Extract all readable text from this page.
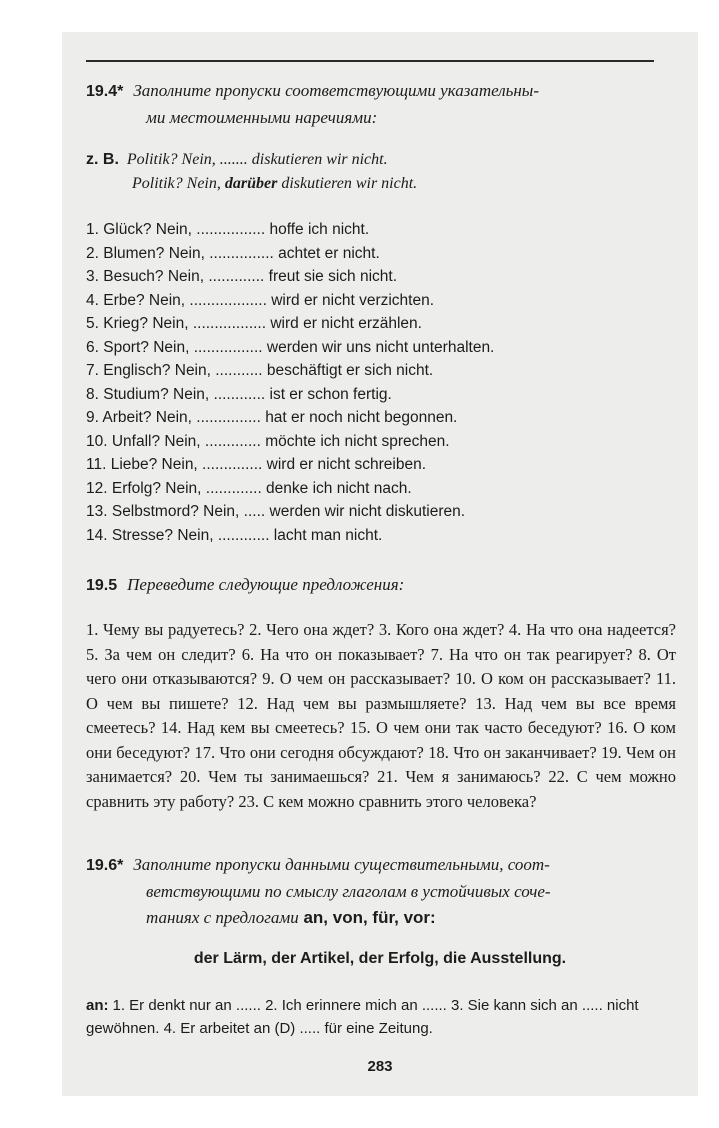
19.4* Заполните пропуски соответствующими указательны-
ми местоименными наречиями:
z. B. Politik? Nein, ....... diskutieren wir nicht.
Politik? Nein, darüber diskutieren wir nicht.
1. Glück? Nein, ................ hoffe ich nicht.
2. Blumen? Nein, ............... achtet er nicht.
3. Besuch? Nein, ............. freut sie sich nicht.
4. Erbe? Nein, .................. wird er nicht verzichten.
5. Krieg? Nein, ................. wird er nicht erzählen.
6. Sport? Nein, ................ werden wir uns nicht unterhalten.
7. Englisch? Nein, ........... beschäftigt er sich nicht.
8. Studium? Nein, ............ ist er schon fertig.
9. Arbeit? Nein, ............... hat er noch nicht begonnen.
10. Unfall? Nein, ............. möchte ich nicht sprechen.
11. Liebe? Nein, .............. wird er nicht schreiben.
12. Erfolg? Nein, ............. denke ich nicht nach.
13. Selbstmord? Nein, ..... werden wir nicht diskutieren.
14. Stresse? Nein, ............ lacht man nicht.
19.5 Переведите следующие предложения:
1. Чему вы радуетесь? 2. Чего она ждет? 3. Кого она ждет? 4. На что она надеется? 5. За чем он следит? 6. На что он показывает? 7. На что он так реагирует? 8. От чего они отказываются? 9. О чем он рассказывает? 10. О ком он рассказывает? 11. О чем вы пишете? 12. Над чем вы размышляете? 13. Над чем вы все время смеетесь? 14. Над кем вы смеетесь? 15. О чем они так часто беседуют? 16. О ком они беседуют? 17. Что они сегодня обсуждают? 18. Что он заканчивает? 19. Чем он занимается? 20. Чем ты занимаешься? 21. Чем я занимаюсь? 22. С чем можно сравнить эту работу? 23. С кем можно сравнить этого человека?
19.6* Заполните пропуски данными существительными, соот-
ветствующими по смыслу глаголам в устойчивых соче-
таниях с предлогами an, von, für, vor:
der Lärm, der Artikel, der Erfolg, die Ausstellung.
an: 1. Er denkt nur an ...... 2. Ich erinnere mich an ...... 3. Sie kann sich an ..... nicht gewöhnen. 4. Er arbeitet an (D) ..... für eine Zeitung.
283
